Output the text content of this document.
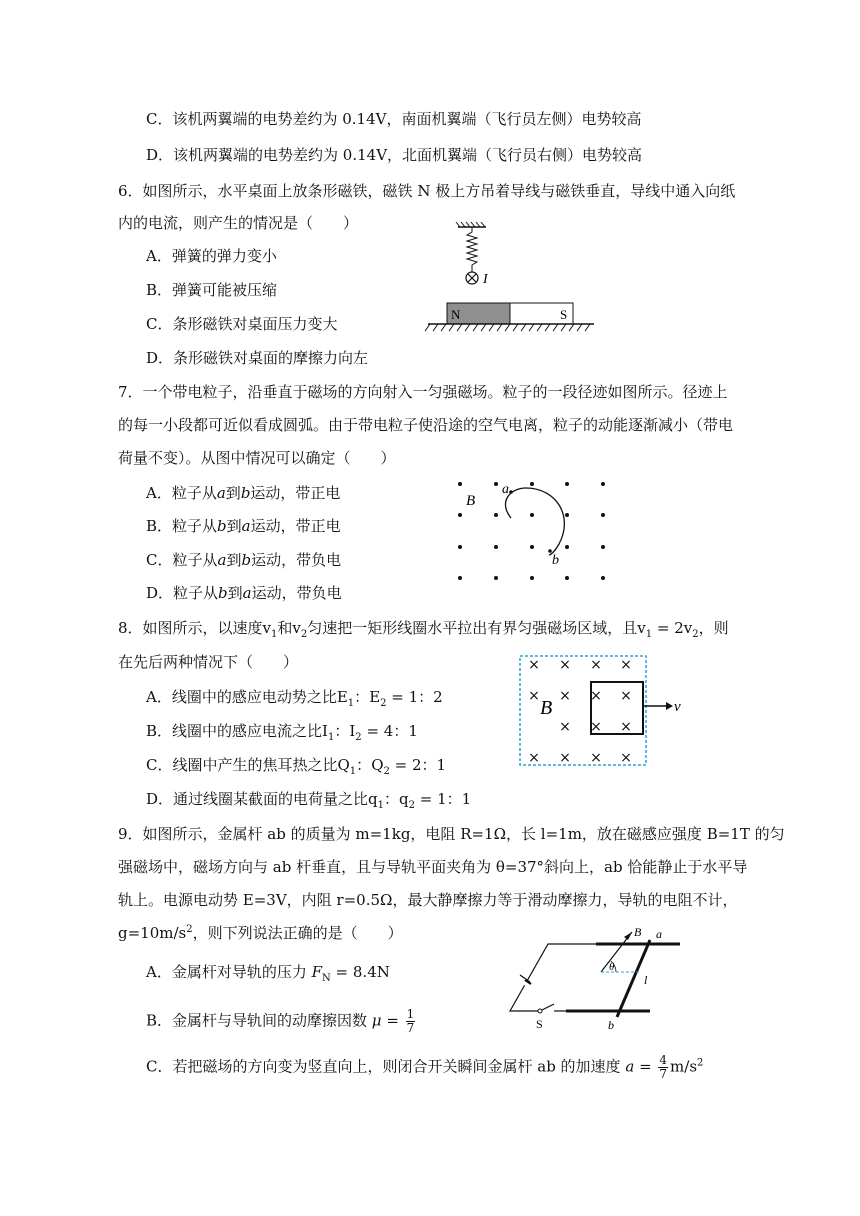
C．该机两翼端的电势差约为 0.14V，南面机翼端（飞行员左侧）电势较高
D．该机两翼端的电势差约为 0.14V，北面机翼端（飞行员右侧）电势较高
6．如图所示，水平桌面上放条形磁铁，磁铁 N 极上方吊着导线与磁铁垂直，导线中通入向纸
内的电流，则产生的情况是（　　）
A．弹簧的弹力变小
B．弹簧可能被压缩
C．条形磁铁对桌面压力变大
D．条形磁铁对桌面的摩擦力向左
I
N	S
7．一个带电粒子，沿垂直于磁场的方向射入一匀强磁场。粒子的一段径迹如图所示。径迹上
的每一小段都可近似看成圆弧。由于带电粒子使沿途的空气电离，粒子的动能逐渐减小（带电
荷量不变）。从图中情况可以确定（　　）
A．粒子从a到b运动，带正电
B．粒子从b到a运动，带正电
C．粒子从a到b运动，带负电
D．粒子从b到a运动，带负电
B
a
b
8．如图所示，以速度$v_1$和$v_2$匀速把一矩形线圈水平拉出有界匀强磁场区域，且$v_1 = 2v_2$，则
在先后两种情况下（　　）
A．线圈中的感应电动势之比$E_1$：$E_2 = 1$：2
B．线圈中的感应电流之比$I_1$：$I_2 = 4$：1
C．线圈中产生的焦耳热之比$Q_1$：$Q_2 = 2$：1
D．通过线圈某截面的电荷量之比$q_1$：$q_2 = 1$：1
× × × ×
× × × ×
× × ×
× × × ×
B	v
9．如图所示，金属杆 ab 的质量为 m=1kg，电阻 R=1Ω，长 l=1m，放在磁感应强度 B=1T 的匀
强磁场中，磁场方向与 ab 杆垂直，且与导轨平面夹角为 θ=37°斜向上，ab 恰能静止于水平导
轨上。电源电动势 E=3V，内阻 r=0.5Ω，最大静摩擦力等于滑动摩擦力，导轨的电阻不计，
$g=10m/s^2$，则下列说法正确的是（　　）
A．金属杆对导轨的压力 $F_N = 8.4N$
B．金属杆与导轨间的动摩擦因数 $\mu = \frac{1}{7}$
C．若把磁场的方向变为竖直向上，则闭合开关瞬间金属杆 ab 的加速度 $a = \frac{4}{7} m/s^2$
S
B
θ
l
a
b
